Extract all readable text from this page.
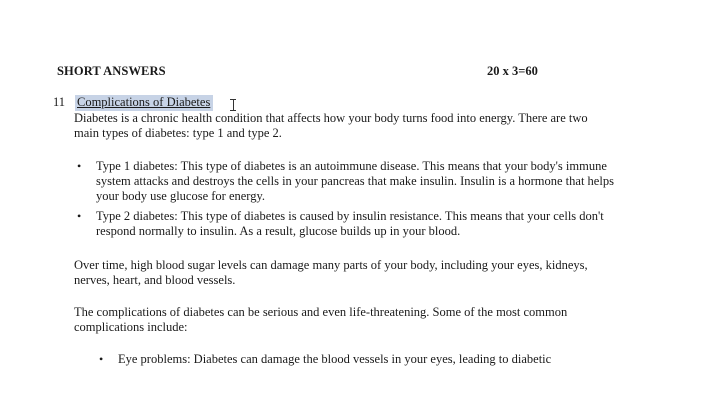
SHORT ANSWERS	20 x 3=60
11 Complications of Diabetes
Diabetes is a chronic health condition that affects how your body turns food into energy. There are two main types of diabetes: type 1 and type 2.
• Type 1 diabetes: This type of diabetes is an autoimmune disease. This means that your body's immune system attacks and destroys the cells in your pancreas that make insulin. Insulin is a hormone that helps your body use glucose for energy.
• Type 2 diabetes: This type of diabetes is caused by insulin resistance. This means that your cells don't respond normally to insulin. As a result, glucose builds up in your blood.
Over time, high blood sugar levels can damage many parts of your body, including your eyes, kidneys, nerves, heart, and blood vessels.
The complications of diabetes can be serious and even life-threatening. Some of the most common complications include:
• Eye problems: Diabetes can damage the blood vessels in your eyes, leading to diabetic
